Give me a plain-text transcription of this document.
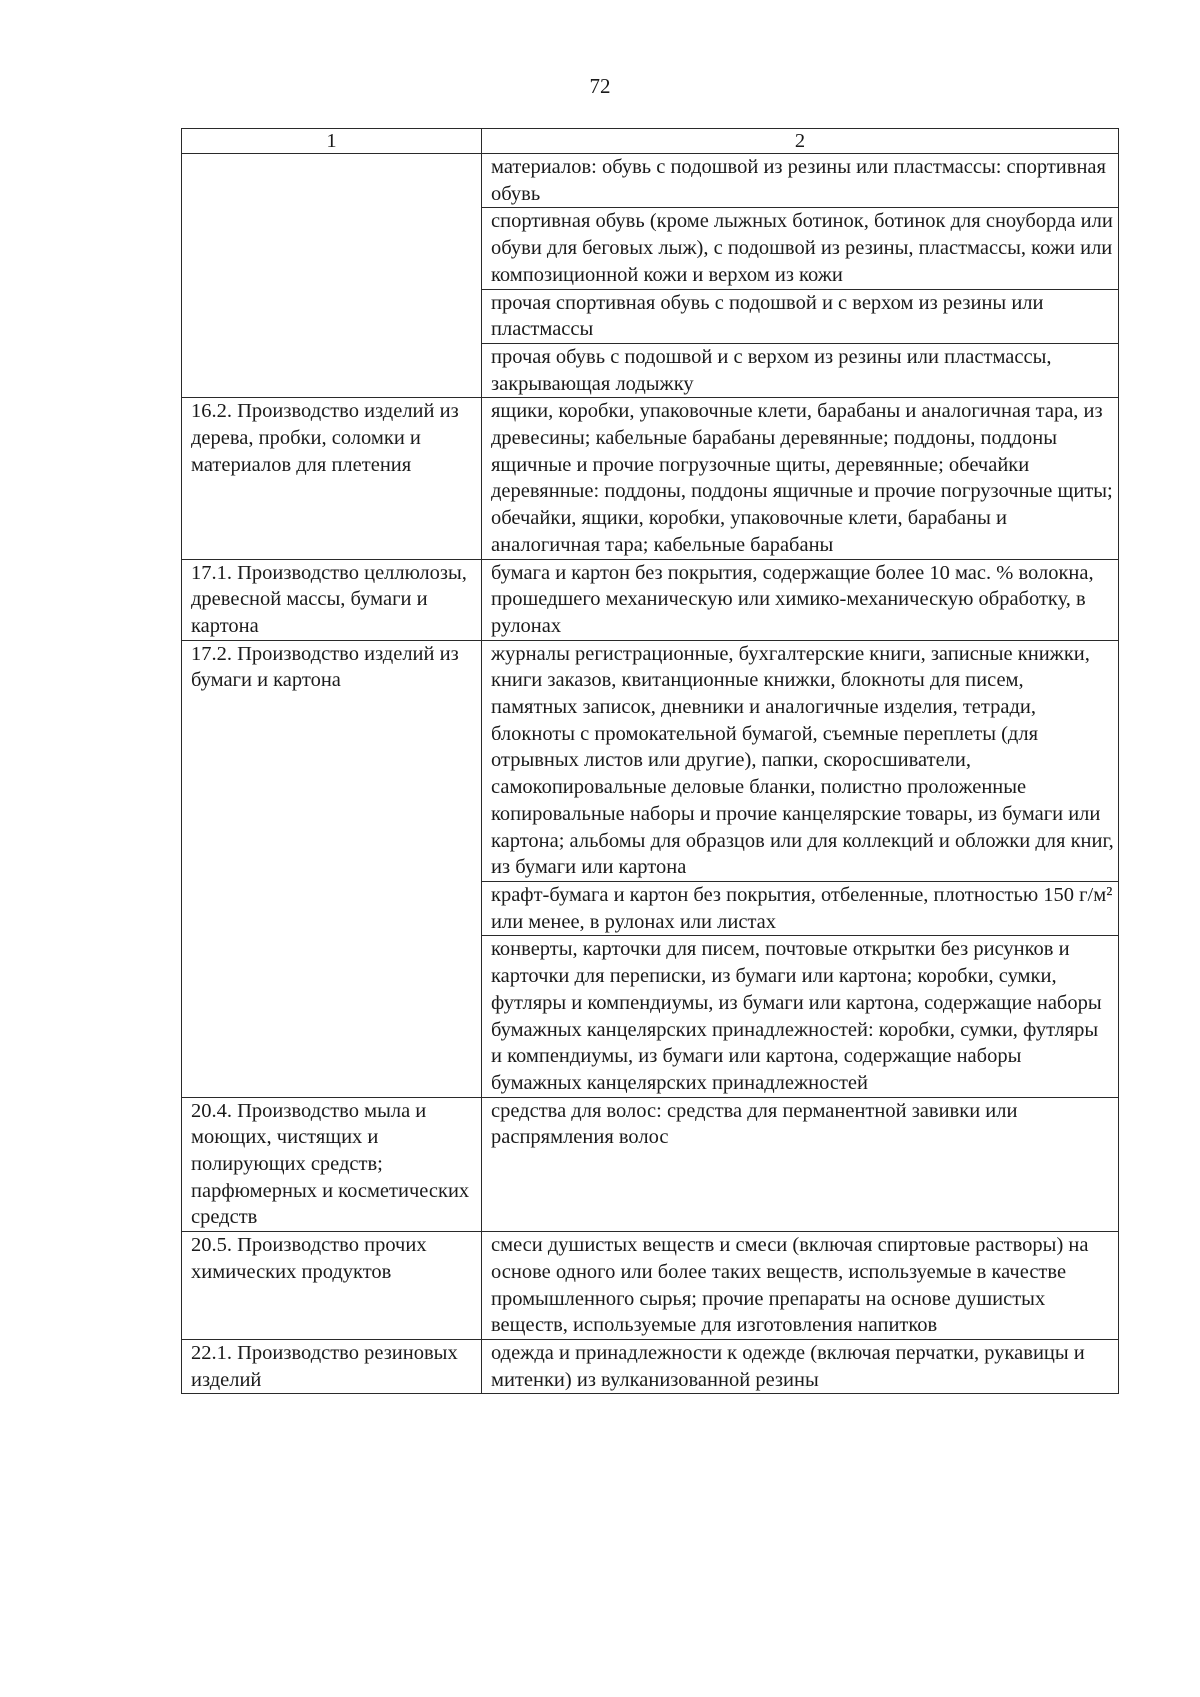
72
1	2
	материалов: обувь с подошвой из резины или пластмассы: спортивная обувь
	спортивная обувь (кроме лыжных ботинок, ботинок для сноуборда или обуви для беговых лыж), с подошвой из резины, пластмассы, кожи или композиционной кожи и верхом из кожи
	прочая спортивная обувь с подошвой и с верхом из резины или пластмассы
	прочая обувь с подошвой и с верхом из резины или пластмассы, закрывающая лодыжку
16.2. Производство изделий из дерева, пробки, соломки и материалов для плетения	ящики, коробки, упаковочные клети, барабаны и аналогичная тара, из древесины; кабельные барабаны деревянные; поддоны, поддоны ящичные и прочие погрузочные щиты, деревянные; обечайки деревянные: поддоны, поддоны ящичные и прочие погрузочные щиты; обечайки, ящики, коробки, упаковочные клети, барабаны и аналогичная тара; кабельные барабаны
17.1. Производство целлюлозы, древесной массы, бумаги и картона	бумага и картон без покрытия, содержащие более 10 мас. % волокна, прошедшего механическую или химико-механическую обработку, в рулонах
17.2. Производство изделий из бумаги и картона	журналы регистрационные, бухгалтерские книги, записные книжки, книги заказов, квитанционные книжки, блокноты для писем, памятных записок, дневники и аналогичные изделия, тетради, блокноты с промокательной бумагой, съемные переплеты (для отрывных листов или другие), папки, скоросшиватели, самокопировальные деловые бланки, полистно проложенные копировальные наборы и прочие канцелярские товары, из бумаги или картона; альбомы для образцов или для коллекций и обложки для книг, из бумаги или картона
	крафт-бумага и картон без покрытия, отбеленные, плотностью 150 г/м² или менее, в рулонах или листах
	конверты, карточки для писем, почтовые открытки без рисунков и карточки для переписки, из бумаги или картона; коробки, сумки, футляры и компендиумы, из бумаги или картона, содержащие наборы бумажных канцелярских принадлежностей: коробки, сумки, футляры и компендиумы, из бумаги или картона, содержащие наборы бумажных канцелярских принадлежностей
20.4. Производство мыла и моющих, чистящих и полирующих средств; парфюмерных и косметических средств	средства для волос: средства для перманентной завивки или распрямления волос
20.5. Производство прочих химических продуктов	смеси душистых веществ и смеси (включая спиртовые растворы) на основе одного или более таких веществ, используемые в качестве промышленного сырья; прочие препараты на основе душистых веществ, используемые для изготовления напитков
22.1. Производство резиновых изделий	одежда и принадлежности к одежде (включая перчатки, рукавицы и митенки) из вулканизованной резины
